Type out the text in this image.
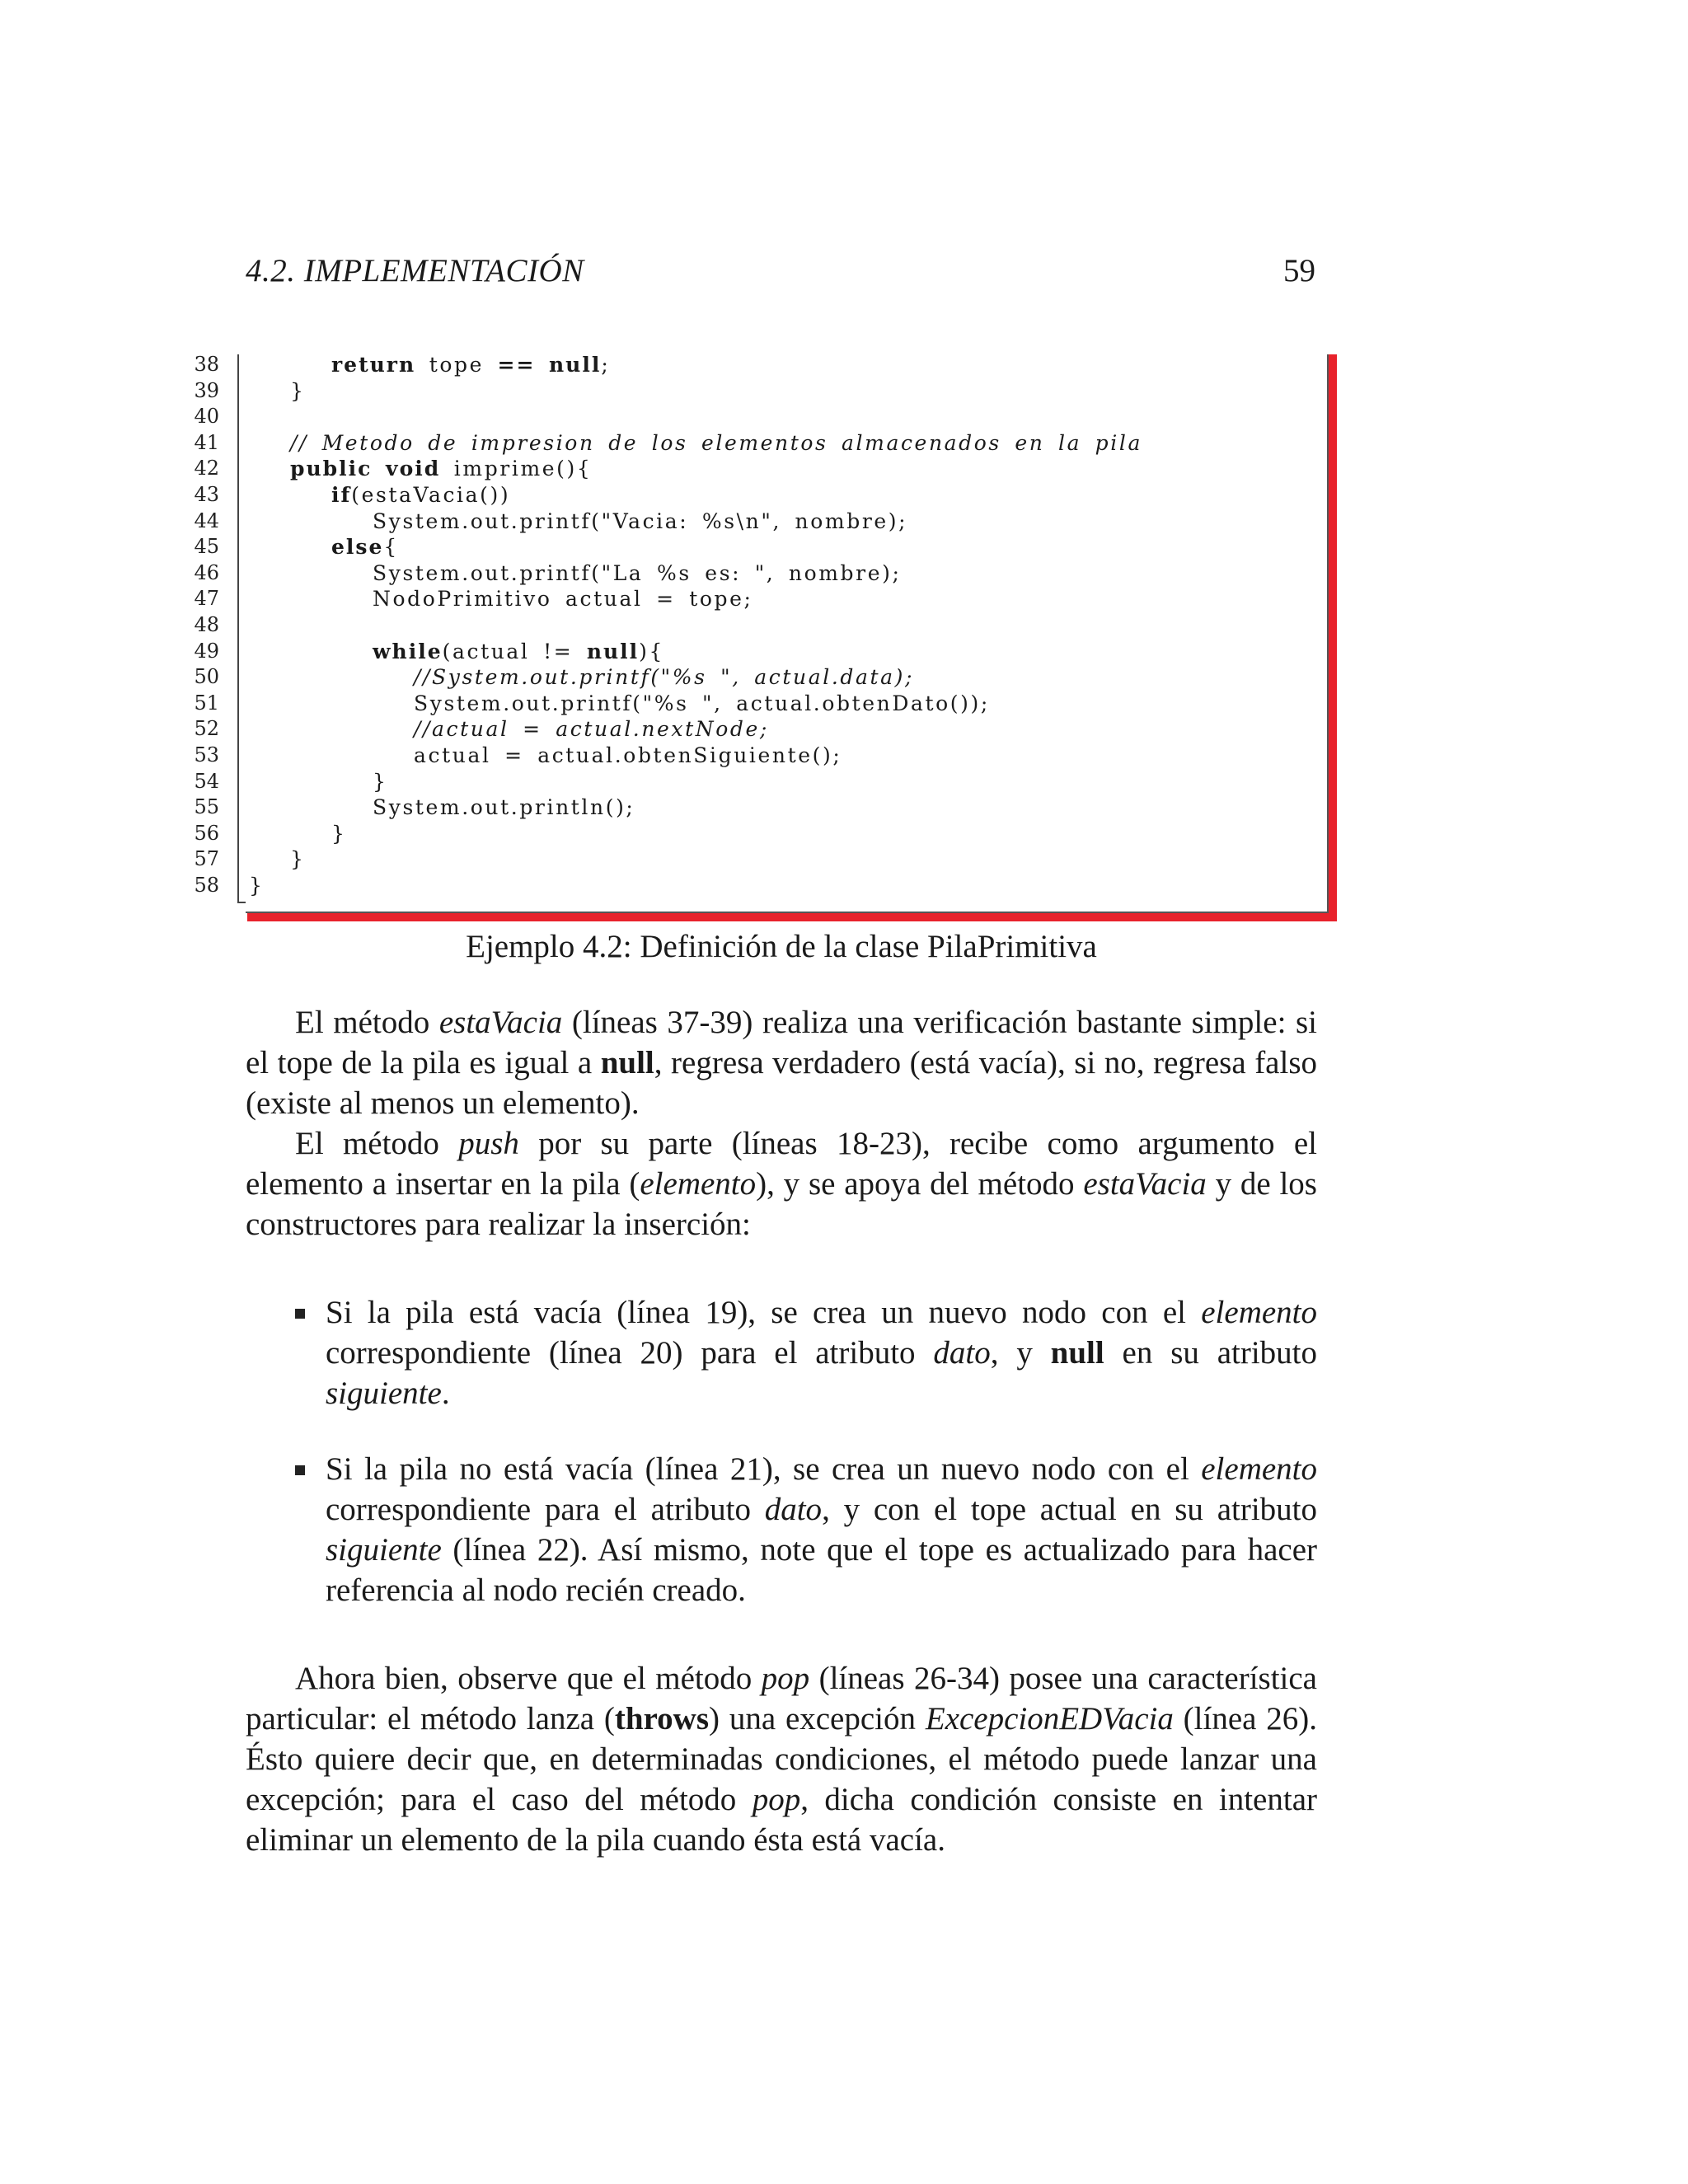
4.2. IMPLEMENTACIÓN	59
38	return tope == null;
39	}
40
41	// Metodo de impresion de los elementos almacenados en la pila
42	public void imprime(){
43	if(estaVacia())
44	System.out.printf("Vacia: %s\n", nombre);
45	else{
46	System.out.printf("La %s es: ", nombre);
47	NodoPrimitivo actual = tope;
48
49	while(actual != null){
50	//System.out.printf("%s ", actual.data);
51	System.out.printf("%s ", actual.obtenDato());
52	//actual = actual.nextNode;
53	actual = actual.obtenSiguiente();
54	}
55	System.out.println();
56	}
57	}
58 }
Ejemplo 4.2: Definición de la clase PilaPrimitiva

El método estaVacia (líneas 37-39) realiza una verificación bastante simple: si el tope de la pila es igual a null, regresa verdadero (está vacía), si no, regresa falso (existe al menos un elemento).

El método push por su parte (líneas 18-23), recibe como argumento el elemento a insertar en la pila (elemento), y se apoya del método estaVacia y de los constructores para realizar la inserción:

Si la pila está vacía (línea 19), se crea un nuevo nodo con el elemento correspondiente (línea 20) para el atributo dato, y null en su atributo siguiente.

Si la pila no está vacía (línea 21), se crea un nuevo nodo con el elemento correspondiente para el atributo dato, y con el tope actual en su atributo siguiente (línea 22). Así mismo, note que el tope es actualizado para hacer referencia al nodo recién creado.

Ahora bien, observe que el método pop (líneas 26-34) posee una característica particular: el método lanza (throws) una excepción ExcepcionEDVacia (línea 26). Ésto quiere decir que, en determinadas condiciones, el método puede lanzar una excepción; para el caso del método pop, dicha condición consiste en intentar eliminar un elemento de la pila cuando ésta está vacía.
